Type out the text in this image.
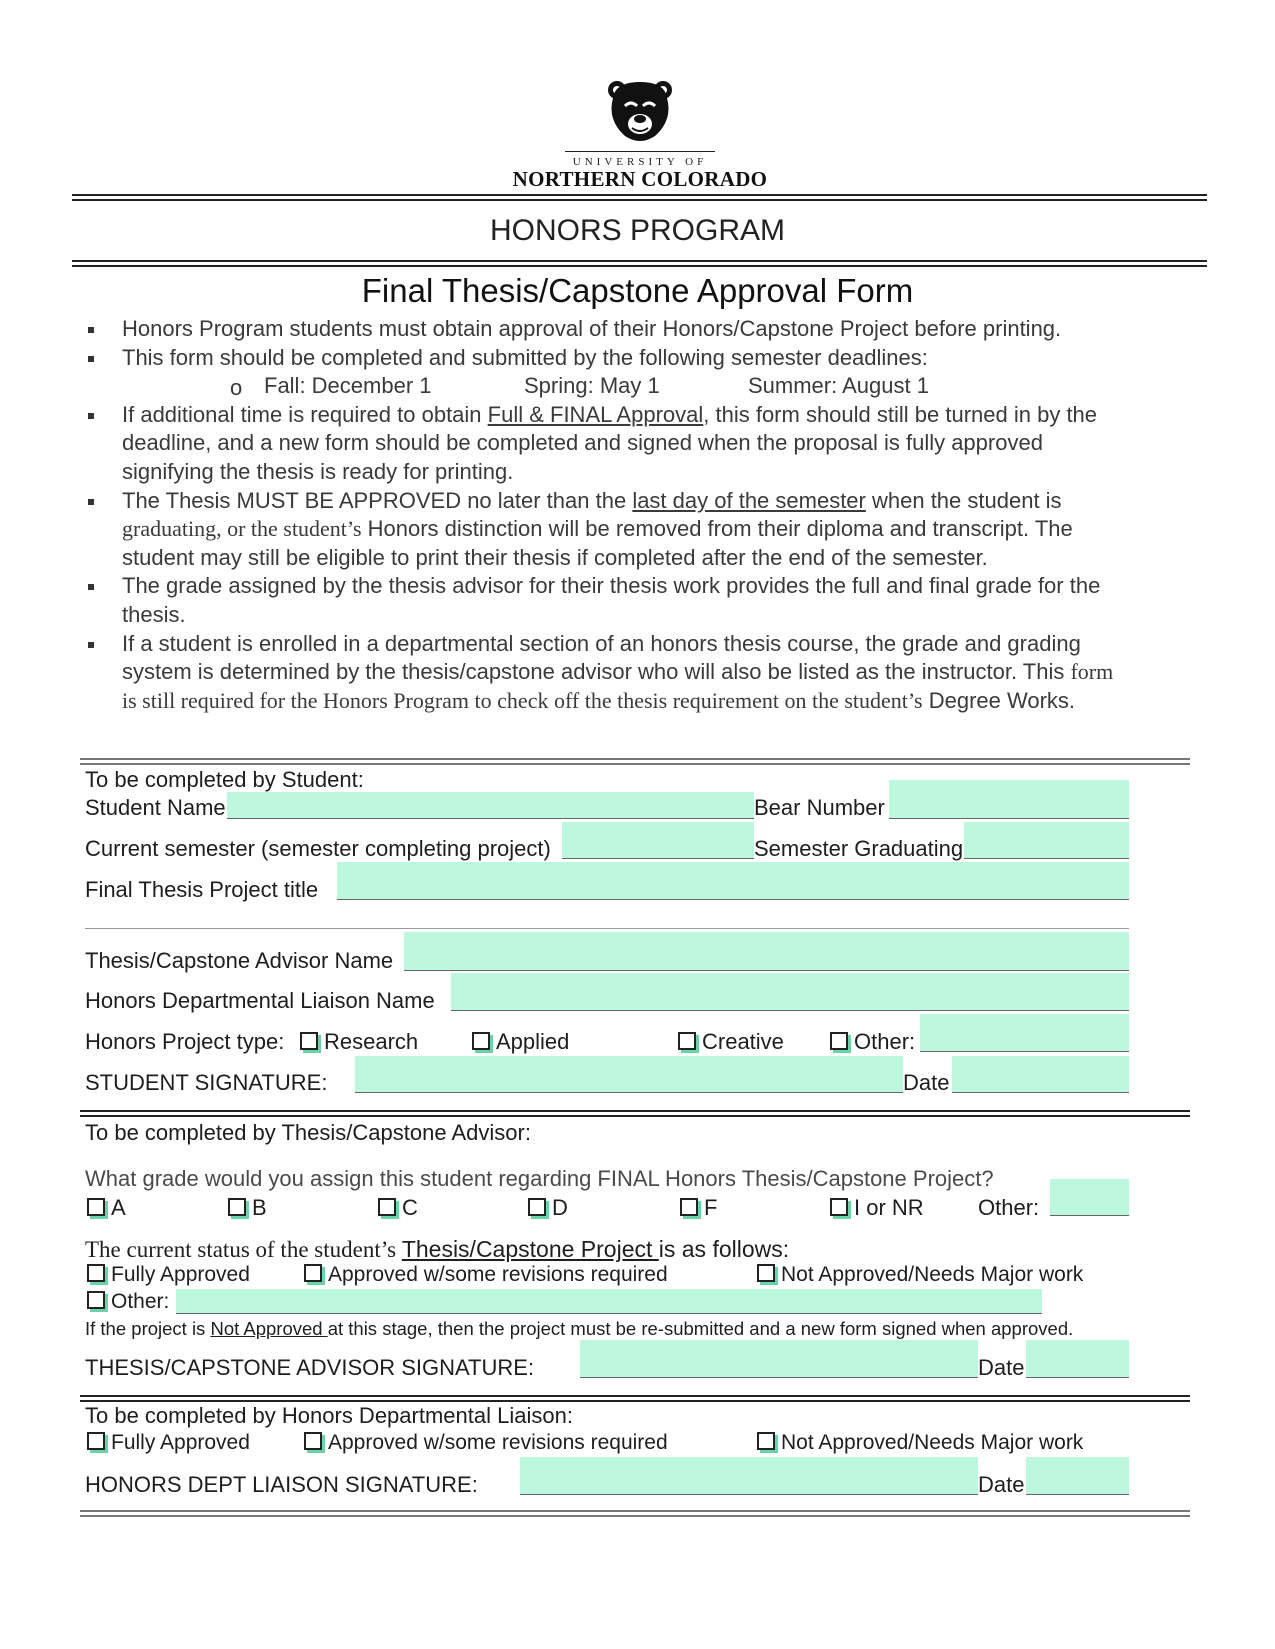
UNIVERSITY OF
NORTHERN COLORADO
HONORS PROGRAM
Final Thesis/Capstone Approval Form
Honors Program students must obtain approval of their Honors/Capstone Project before printing.
This form should be completed and submitted by the following semester deadlines:
o Fall: December 1	Spring: May 1	Summer: August 1
If additional time is required to obtain Full & FINAL Approval, this form should still be turned in by the deadline, and a new form should be completed and signed when the proposal is fully approved signifying the thesis is ready for printing.
The Thesis MUST BE APPROVED no later than the last day of the semester when the student is graduating, or the student’s Honors distinction will be removed from their diploma and transcript. The student may still be eligible to print their thesis if completed after the end of the semester.
The grade assigned by the thesis advisor for their thesis work provides the full and final grade for the thesis.
If a student is enrolled in a departmental section of an honors thesis course, the grade and grading system is determined by the thesis/capstone advisor who will also be listed as the instructor. This form is still required for the Honors Program to check off the thesis requirement on the student’s Degree Works.
To be completed by Student:
Student Name	Bear Number
Current semester (semester completing project)	Semester Graduating
Final Thesis Project title
Thesis/Capstone Advisor Name
Honors Departmental Liaison Name
Honors Project type:	Research	Applied	Creative	Other:
STUDENT SIGNATURE:	Date
To be completed by Thesis/Capstone Advisor:
What grade would you assign this student regarding FINAL Honors Thesis/Capstone Project?
A	B	C	D	F	I or NR Other:
The current status of the student’s Thesis/Capstone Project is as follows:
Fully Approved	Approved w/some revisions required	Not Approved/Needs Major work
Other:
If the project is Not Approved at this stage, then the project must be re-submitted and a new form signed when approved.
THESIS/CAPSTONE ADVISOR SIGNATURE:	Date
To be completed by Honors Departmental Liaison:
Fully Approved	Approved w/some revisions required	Not Approved/Needs Major work
HONORS DEPT LIAISON SIGNATURE:	Date
